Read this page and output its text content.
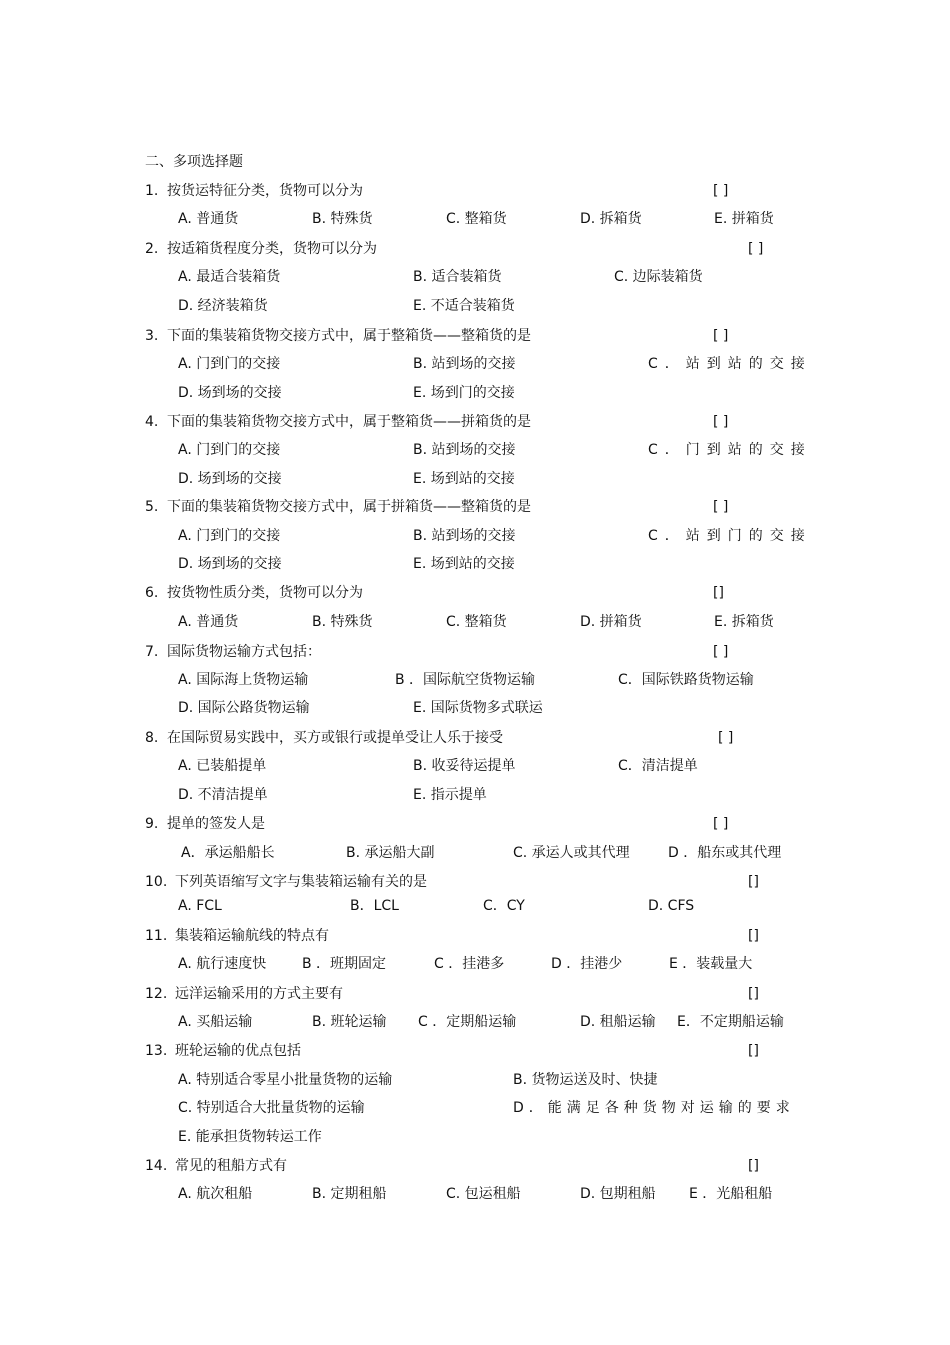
二、多项选择题
1. 按货运特征分类，货物可以分为	[ ]
A. 普通货	B. 特殊货	C. 整箱货	D. 拆箱货	E. 拼箱货
2. 按适箱货程度分类，货物可以分为	[ ]
A. 最适合装箱货	B. 适合装箱货	C. 边际装箱货
D. 经济装箱货	E. 不适合装箱货
3. 下面的集装箱货物交接方式中，属于整箱货——整箱货的是	[ ]
A. 门到门的交接	B. 站到场的交接	C．站到站的交接
D. 场到场的交接	E. 场到门的交接
4. 下面的集装箱货物交接方式中，属于整箱货——拼箱货的是	[ ]
A. 门到门的交接	B. 站到场的交接	C．门到站的交接
D. 场到场的交接	E. 场到站的交接
5. 下面的集装箱货物交接方式中，属于拼箱货——整箱货的是	[ ]
A. 门到门的交接	B. 站到场的交接	C．站到门的交接
D. 场到场的交接	E. 场到站的交接
6. 按货物性质分类，货物可以分为	[]
A. 普通货	B. 特殊货	C. 整箱货	D. 拼箱货	E. 拆箱货
7. 国际货物运输方式包括：	[ ]
A. 国际海上货物运输	B ．国际航空货物运输	C．国际铁路货物运输
D. 国际公路货物运输	E. 国际货物多式联运
8. 在国际贸易实践中，买方或银行或提单受让人乐于接受	[ ]
A. 已装船提单	B. 收妥待运提单	C．清洁提单
D. 不清洁提单	E. 指示提单
9. 提单的签发人是	[ ]
A．承运船船长	B. 承运船大副	C. 承运人或其代理	D ．船东或其代理
10. 下列英语缩写文字与集装箱运输有关的是	[]
A. FCL	B．LCL	C．CY	D. CFS
11. 集装箱运输航线的特点有	[]
A. 航行速度快	B ．班期固定	C ．挂港多	D ．挂港少	E ．装载量大
12. 远洋运输采用的方式主要有	[]
A. 买船运输	B. 班轮运输 C ．定期船运输	D. 租船运输 E．不定期船运输
13. 班轮运输的优点包括	[]
A. 特别适合零星小批量货物的运输	B. 货物运送及时、快捷
C. 特别适合大批量货物的运输	D．能满足各种货物对运输的要求
E. 能承担货物转运工作
14. 常见的租船方式有	[]
A. 航次租船	B. 定期租船	C. 包运租船	D. 包期租船 E ．光船租船
